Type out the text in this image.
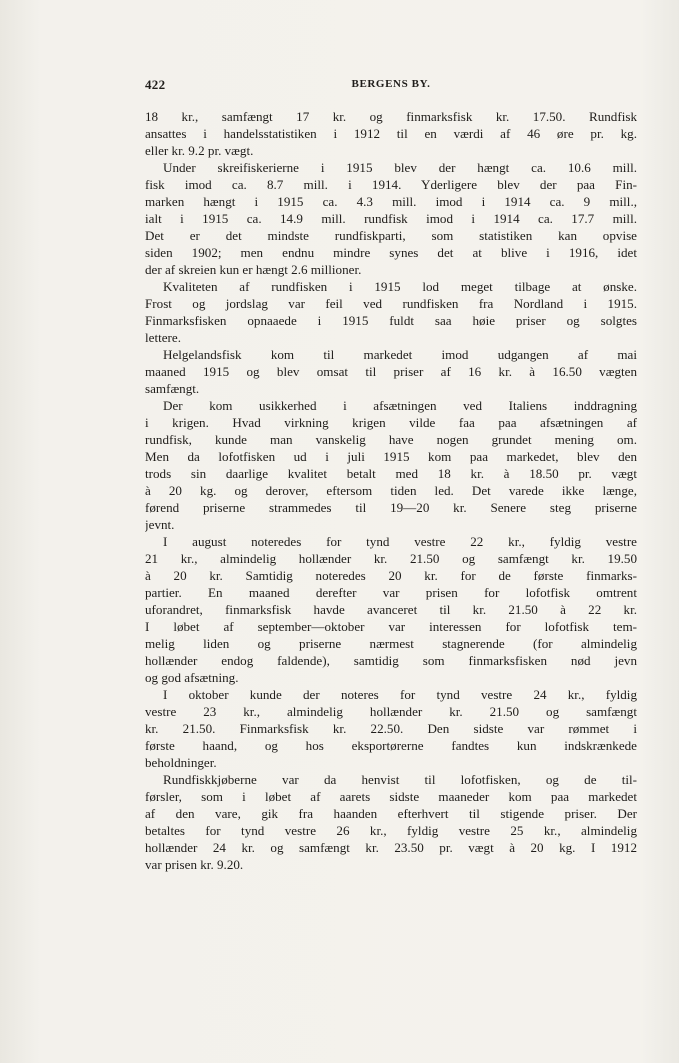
422	BERGENS BY.
18 kr., samfængt 17 kr. og finmarksfisk kr. 17.50. Rundfisk
ansattes i handelsstatistiken i 1912 til en værdi af 46 øre pr. kg.
eller kr. 9.2 pr. vægt.
Under skreifiskerierne i 1915 blev der hængt ca. 10.6 mill.
fisk imod ca. 8.7 mill. i 1914. Yderligere blev der paa Fin-
marken hængt i 1915 ca. 4.3 mill. imod i 1914 ca. 9 mill.,
ialt i 1915 ca. 14.9 mill. rundfisk imod i 1914 ca. 17.7 mill.
Det er det mindste rundfiskparti, som statistiken kan opvise
siden 1902; men endnu mindre synes det at blive i 1916, idet
der af skreien kun er hængt 2.6 millioner.
Kvaliteten af rundfisken i 1915 lod meget tilbage at ønske.
Frost og jordslag var feil ved rundfisken fra Nordland i 1915.
Finmarksfisken opnaaede i 1915 fuldt saa høie priser og solgtes
lettere.
Helgelandsfisk kom til markedet imod udgangen af mai
maaned 1915 og blev omsat til priser af 16 kr. à 16.50 vægten
samfængt.
Der kom usikkerhed i afsætningen ved Italiens inddragning
i krigen. Hvad virkning krigen vilde faa paa afsætningen af
rundfisk, kunde man vanskelig have nogen grundet mening om.
Men da lofotfisken ud i juli 1915 kom paa markedet, blev den
trods sin daarlige kvalitet betalt med 18 kr. à 18.50 pr. vægt
à 20 kg. og derover, eftersom tiden led. Det varede ikke længe,
førend priserne strammedes til 19—20 kr. Senere steg priserne
jevnt.
I august noteredes for tynd vestre 22 kr., fyldig vestre
21 kr., almindelig hollænder kr. 21.50 og samfængt kr. 19.50
à 20 kr. Samtidig noteredes 20 kr. for de første finmarks-
partier. En maaned derefter var prisen for lofotfisk omtrent
uforandret, finmarksfisk havde avanceret til kr. 21.50 à 22 kr.
I løbet af september—oktober var interessen for lofotfisk tem-
melig liden og priserne nærmest stagnerende (for almindelig
hollænder endog faldende), samtidig som finmarksfisken nød jevn
og god afsætning.
I oktober kunde der noteres for tynd vestre 24 kr., fyldig
vestre 23 kr., almindelig hollænder kr. 21.50 og samfængt
kr. 21.50. Finmarksfisk kr. 22.50. Den sidste var rømmet i
første haand, og hos eksportørerne fandtes kun indskrænkede
beholdninger.
Rundfiskkjøberne var da henvist til lofotfisken, og de til-
førsler, som i løbet af aarets sidste maaneder kom paa markedet
af den vare, gik fra haanden efterhvert til stigende priser. Der
betaltes for tynd vestre 26 kr., fyldig vestre 25 kr., almindelig
hollænder 24 kr. og samfængt kr. 23.50 pr. vægt à 20 kg. I 1912
var prisen kr. 9.20.
